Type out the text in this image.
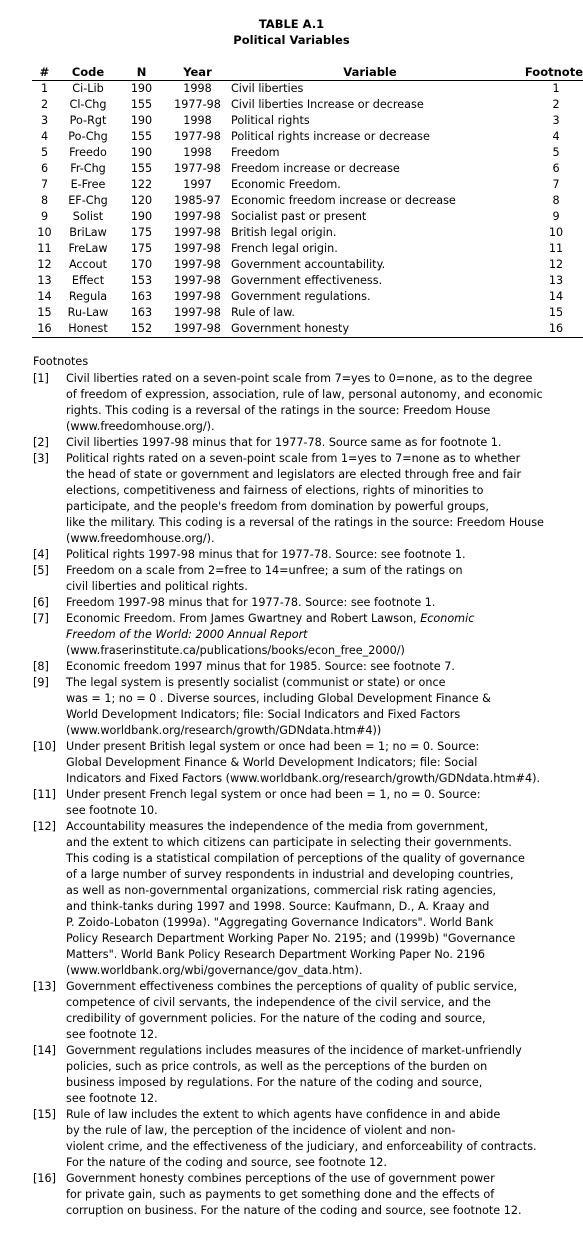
TABLE A.1
Political Variables
#	Code	N	Year	Variable	Footnote
1	Ci-Lib	190	1998	Civil liberties	1
2	Cl-Chg	155	1977-98	Civil liberties Increase or decrease	2
3	Po-Rgt	190	1998	Political rights	3
4	Po-Chg	155	1977-98	Political rights increase or decrease	4
5	Freedo	190	1998	Freedom	5
6	Fr-Chg	155	1977-98	Freedom increase or decrease	6
7	E-Free	122	1997	Economic Freedom.	7
8	EF-Chg	120	1985-97	Economic freedom increase or decrease	8
9	Solist	190	1997-98	Socialist past or present	9
10	BriLaw	175	1997-98	British legal origin.	10
11	FreLaw	175	1997-98	French legal origin.	11
12	Accout	170	1997-98	Government accountability.	12
13	Effect	153	1997-98	Government effectiveness.	13
14	Regula	163	1997-98	Government regulations.	14
15	Ru-Law	163	1997-98	Rule of law.	15
16	Honest	152	1997-98	Government honesty	16
Footnotes
[1] Civil liberties rated on a seven-point scale from 7=yes to 0=none, as to the degree
of freedom of expression, association, rule of law, personal autonomy, and economic
rights. This coding is a reversal of the ratings in the source: Freedom House
(www.freedomhouse.org/).
[2] Civil liberties 1997-98 minus that for 1977-78. Source same as for footnote 1.
[3] Political rights rated on a seven-point scale from 1=yes to 7=none as to whether
the head of state or government and legislators are elected through free and fair
elections, competitiveness and fairness of elections, rights of minorities to
participate, and the people's freedom from domination by powerful groups,
like the military. This coding is a reversal of the ratings in the source: Freedom House
(www.freedomhouse.org/).
[4] Political rights 1997-98 minus that for 1977-78. Source: see footnote 1.
[5] Freedom on a scale from 2=free to 14=unfree; a sum of the ratings on
civil liberties and political rights.
[6] Freedom 1997-98 minus that for 1977-78. Source: see footnote 1.
[7] Economic Freedom. From James Gwartney and Robert Lawson, Economic
Freedom of the World: 2000 Annual Report
(www.fraserinstitute.ca/publications/books/econ_free_2000/)
[8] Economic freedom 1997 minus that for 1985. Source: see footnote 7.
[9] The legal system is presently socialist (communist or state) or once
was = 1; no = 0 . Diverse sources, including Global Development Finance &
World Development Indicators; file: Social Indicators and Fixed Factors
(www.worldbank.org/research/growth/GDNdata.htm#4))
[10] Under present British legal system or once had been = 1; no = 0. Source:
Global Development Finance & World Development Indicators; file: Social
Indicators and Fixed Factors (www.worldbank.org/research/growth/GDNdata.htm#4).
[11] Under present French legal system or once had been = 1, no = 0. Source:
see footnote 10.
[12] Accountability measures the independence of the media from government,
and the extent to which citizens can participate in selecting their governments.
This coding is a statistical compilation of perceptions of the quality of governance
of a large number of survey respondents in industrial and developing countries,
as well as non-governmental organizations, commercial risk rating agencies,
and think-tanks during 1997 and 1998. Source: Kaufmann, D., A. Kraay and
P. Zoido-Lobaton (1999a). "Aggregating Governance Indicators". World Bank
Policy Research Department Working Paper No. 2195; and (1999b) "Governance
Matters". World Bank Policy Research Department Working Paper No. 2196
(www.worldbank.org/wbi/governance/gov_data.htm).
[13] Government effectiveness combines the perceptions of quality of public service,
competence of civil servants, the independence of the civil service, and the
credibility of government policies. For the nature of the coding and source,
see footnote 12.
[14] Government regulations includes measures of the incidence of market-unfriendly
policies, such as price controls, as well as the perceptions of the burden on
business imposed by regulations. For the nature of the coding and source,
see footnote 12.
[15] Rule of law includes the extent to which agents have confidence in and abide
by the rule of law, the perception of the incidence of violent and non-
violent crime, and the effectiveness of the judiciary, and enforceability of contracts.
For the nature of the coding and source, see footnote 12.
[16] Government honesty combines perceptions of the use of government power
for private gain, such as payments to get something done and the effects of
corruption on business. For the nature of the coding and source, see footnote 12.
